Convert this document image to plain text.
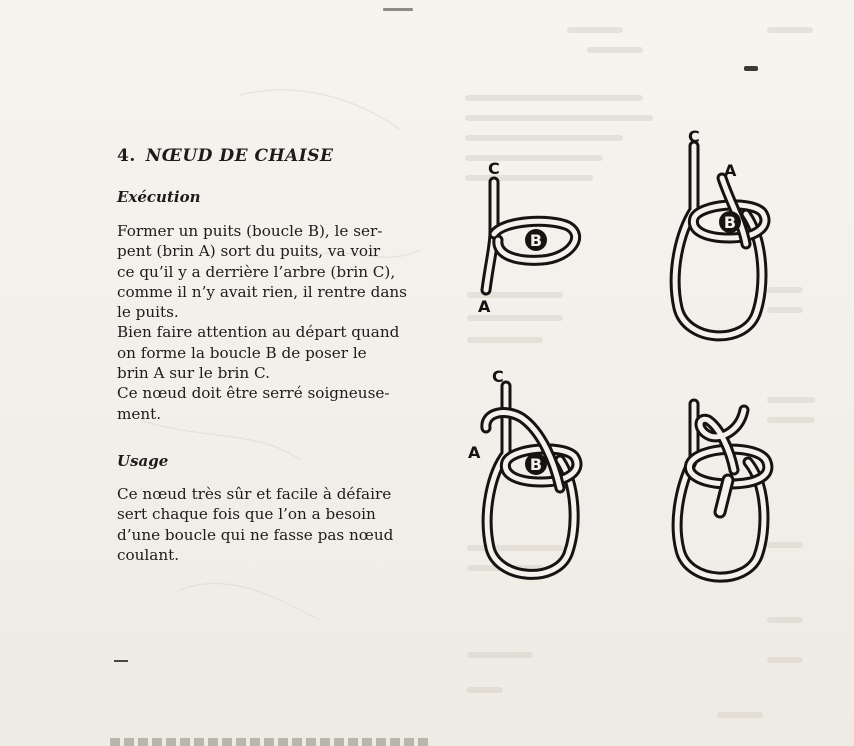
4. NŒUD DE CHAISE
Exécution

Former un puits (boucle B), le ser-

pent (brin A) sort du puits, va voir

ce qu’il y a derrière l’arbre (brin C),

comme il n’y avait rien, il rentre dans

le puits.

Bien faire attention au départ quand

on forme la boucle B de poser le

brin A sur le brin C.

Ce nœud doit être serré soigneuse-

ment.

Usage

Ce nœud très sûr et facile à défaire

sert chaque fois que l’on a besoin

d’une boucle qui ne fasse pas nœud

coulant.

B
C
A
B
C
A
B
C
A
